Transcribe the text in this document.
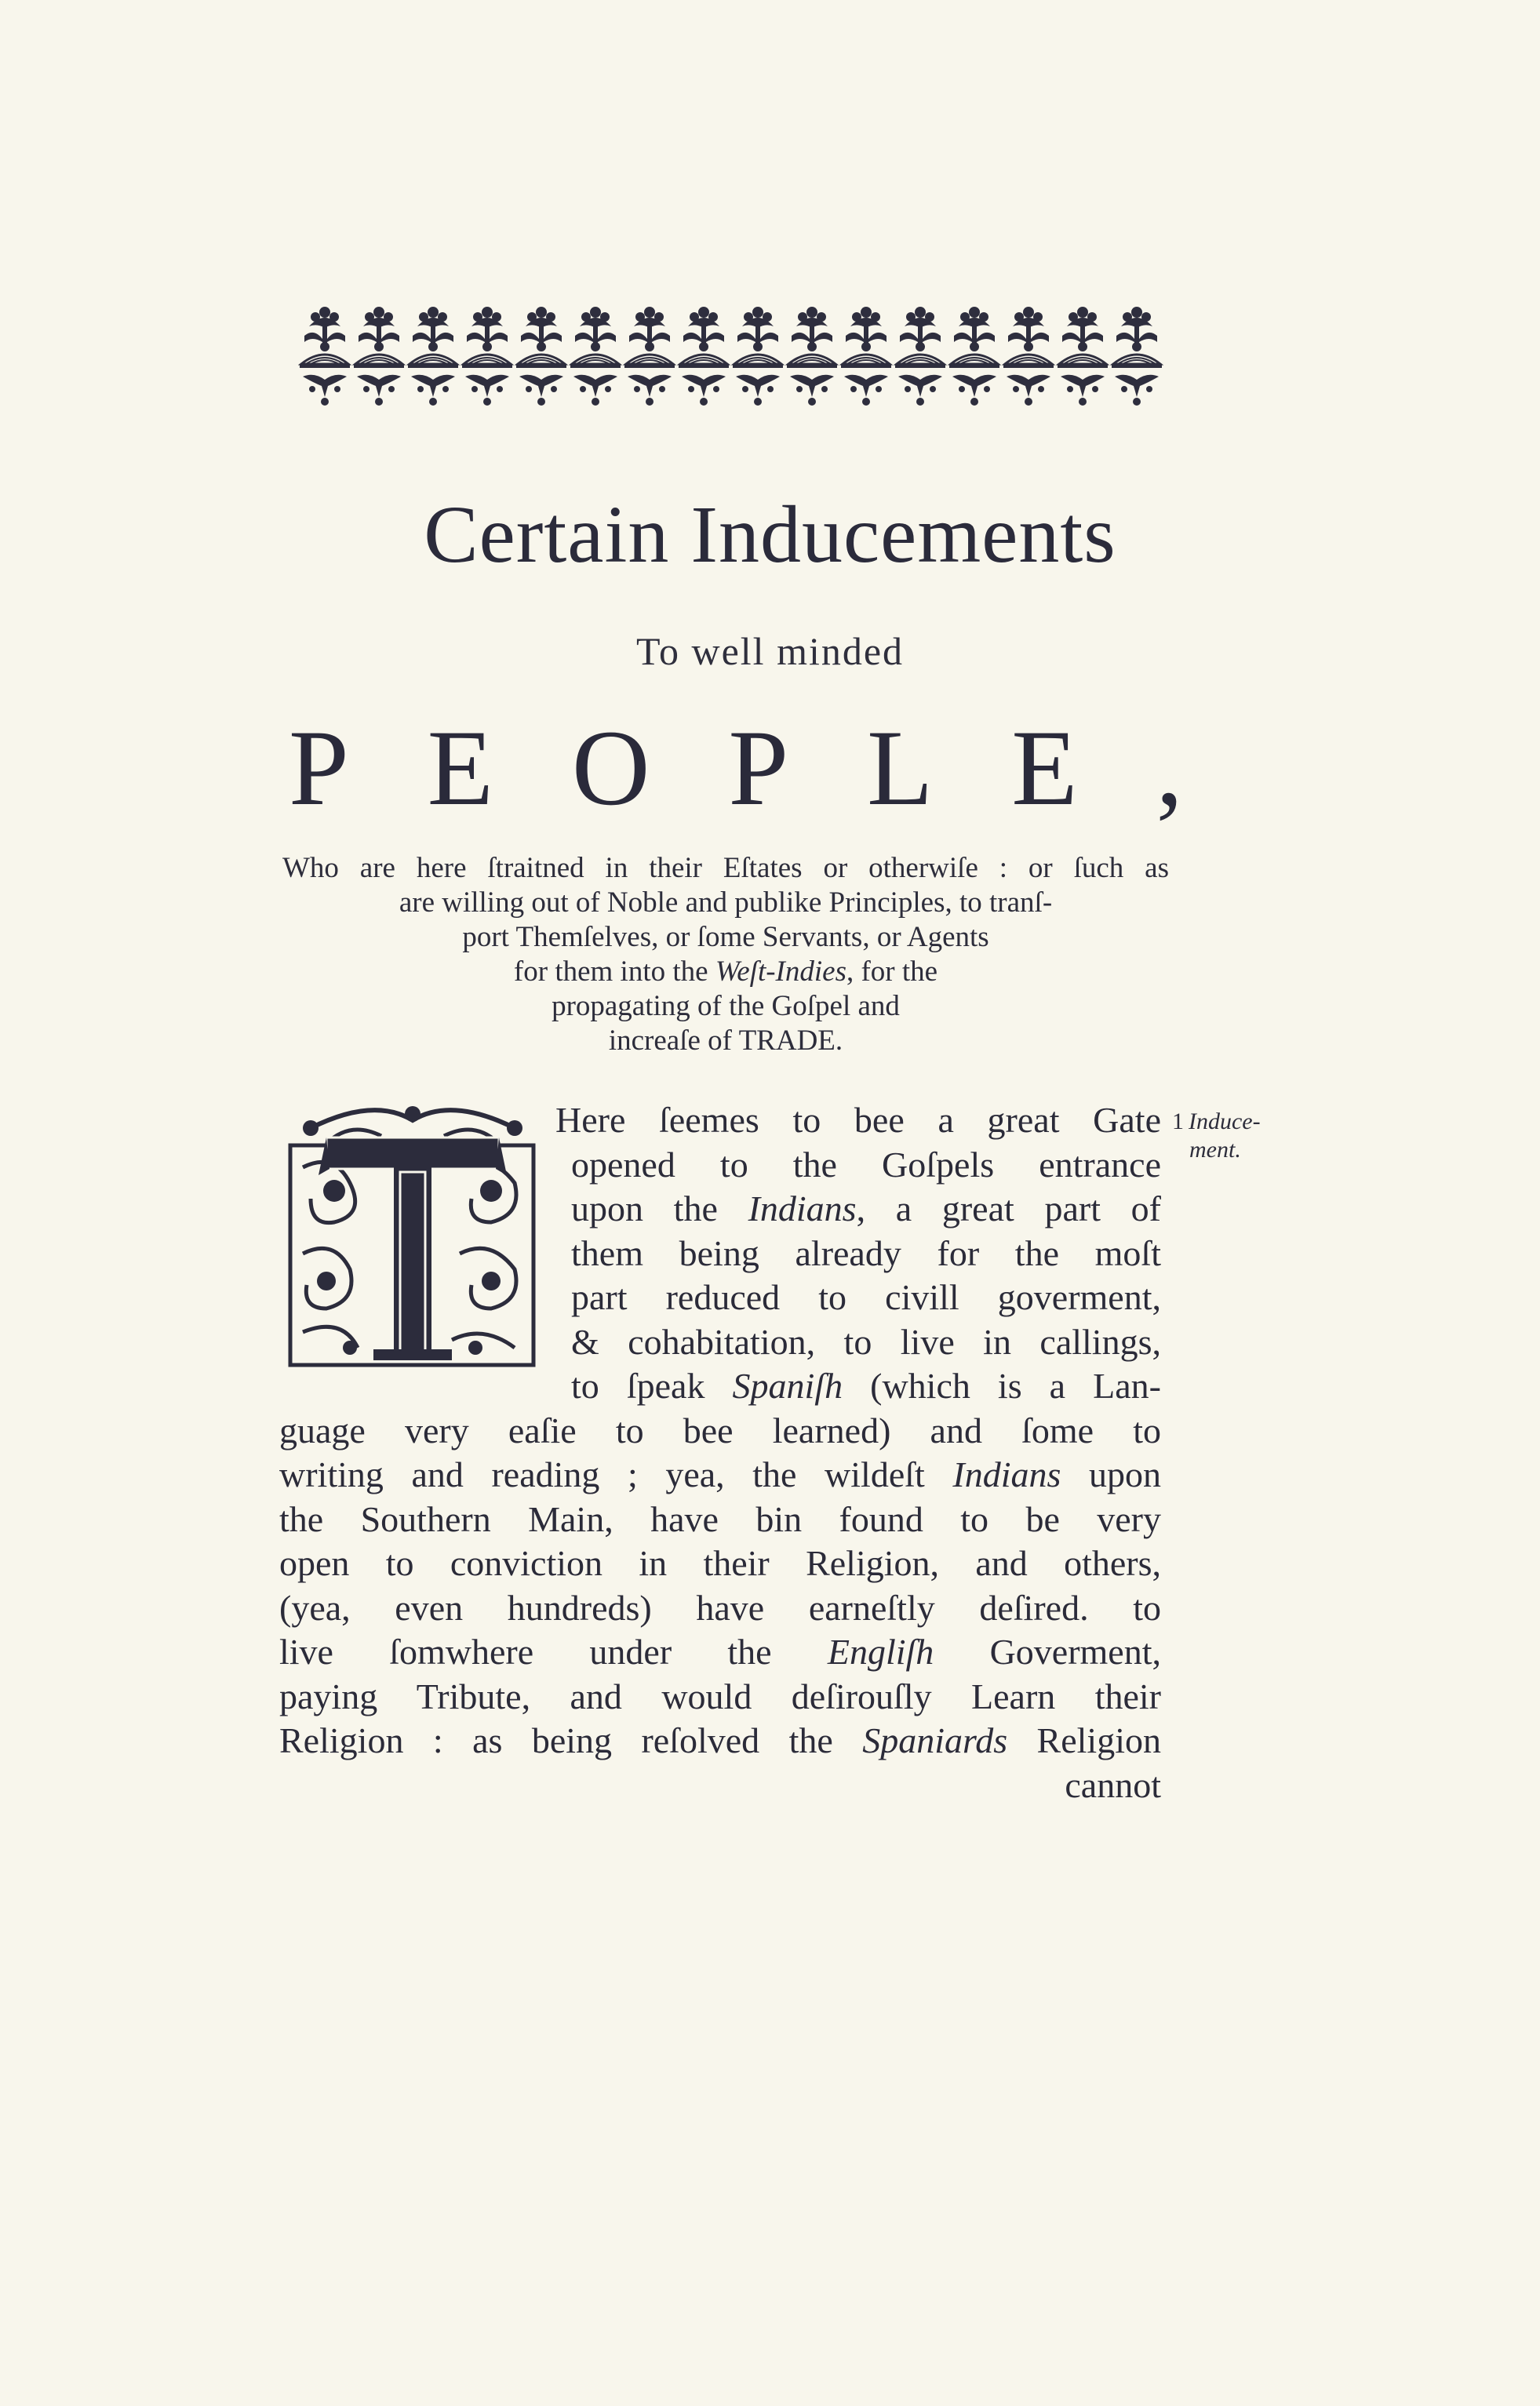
Certain Inducements
To well minded
P E O P L E ,
Who are here ſtraitned in their Eſtates or otherwiſe : or ſuch as
are willing out of Noble and publike Principles, to tranſ-
port Themſelves, or ſome Servants, or Agents
for them into the Weſt-Indies, for the
propagating of the Goſpel and
increaſe of TRADE.
Here ſeemes to bee a great Gate
opened to the Goſpels entrance
upon the Indians, a great part of
them being already for the moſt
part reduced to civill goverment,
& cohabitation, to live in callings,
to ſpeak Spaniſh (which is a Lan-
guage very eaſie to bee learned) and ſome to
writing and reading ; yea, the wildeſt Indians upon
the Southern Main, have bin found to be very
open to conviction in their Religion, and others,
(yea, even hundreds) have earneſtly deſired. to
live ſomwhere under the Engliſh Goverment,
paying Tribute, and would deſirouſly Learn their
Religion : as being reſolved the Spaniards Religion
cannot
1 Induce-
ment.
